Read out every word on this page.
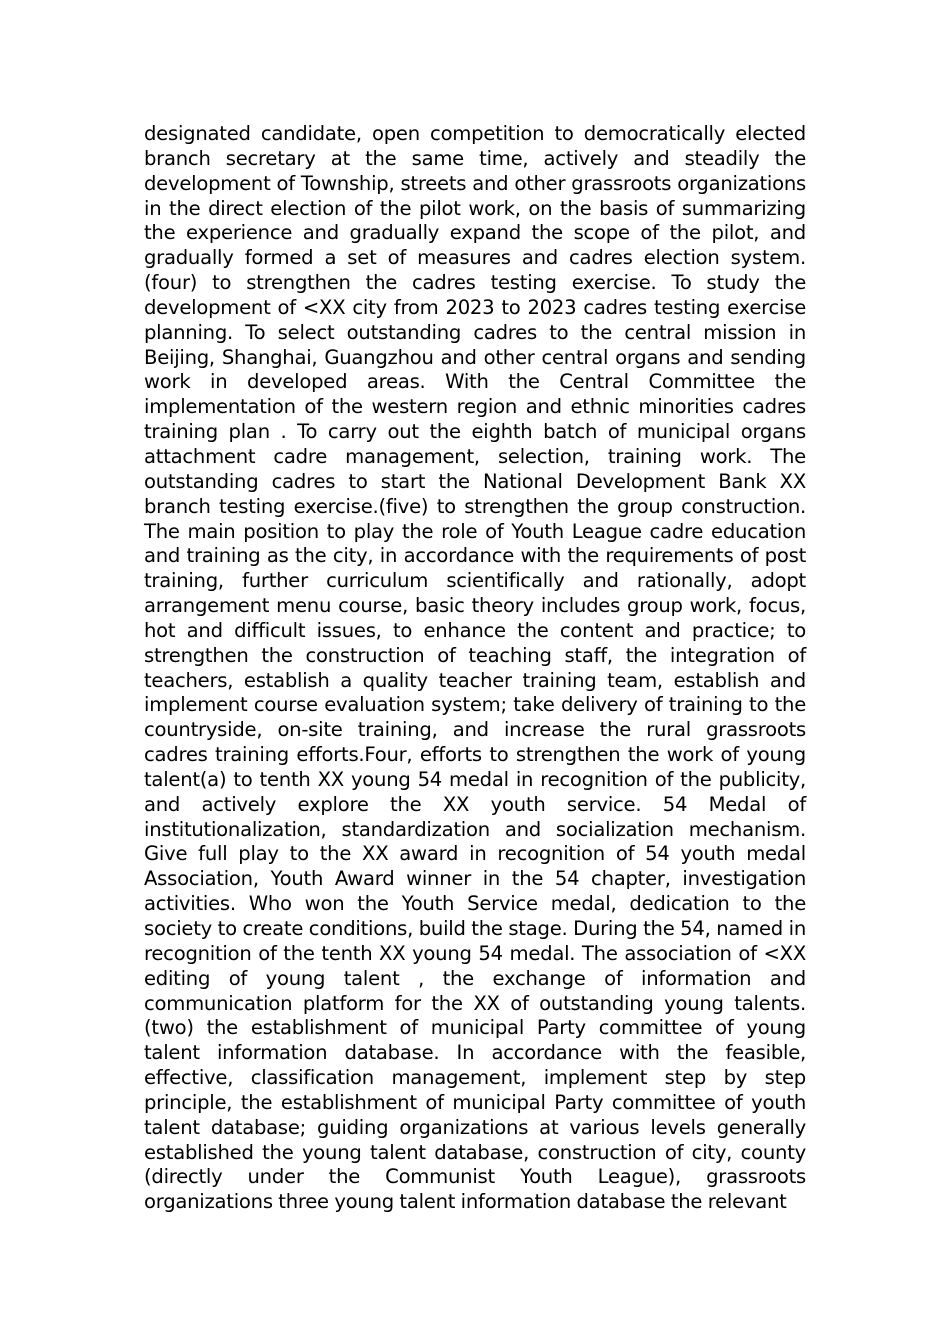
designated candidate, open competition to democratically elected branch secretary at the same time, actively and steadily the development of Township, streets and other grassroots organizations in the direct election of the pilot work, on the basis of summarizing the experience and gradually expand the scope of the pilot, and gradually formed a set of measures and cadres election system.(four) to strengthen the cadres testing exercise. To study the development of <XX city from 2023 to 2023 cadres testing exercise planning. To select outstanding cadres to the central mission in Beijing, Shanghai, Guangzhou and other central organs and sending work in developed areas. With the Central Committee the implementation of the western region and ethnic minorities cadres training plan . To carry out the eighth batch of municipal organs attachment cadre management, selection, training work. The outstanding cadres to start the National Development Bank XX branch testing exercise.(five) to strengthen the group construction. The main position to play the role of Youth League cadre education and training as the city, in accordance with the requirements of post training, further curriculum scientifically and rationally, adopt arrangement menu course, basic theory includes group work, focus, hot and difficult issues, to enhance the content and practice; to strengthen the construction of teaching staff, the integration of teachers, establish a quality teacher training team, establish and implement course evaluation system; take delivery of training to the countryside, on-site training, and increase the rural grassroots cadres training efforts.Four, efforts to strengthen the work of young talent(a) to tenth XX young 54 medal in recognition of the publicity, and actively explore the XX youth service. 54 Medal of institutionalization, standardization and socialization mechanism. Give full play to the XX award in recognition of 54 youth medal Association, Youth Award winner in the 54 chapter, investigation activities. Who won the Youth Service medal, dedication to the society to create conditions, build the stage. During the 54, named in recognition of the tenth XX young 54 medal. The association of <XX editing of young talent , the exchange of information and communication platform for the XX of outstanding young talents.(two) the establishment of municipal Party committee of young talent information database. In accordance with the feasible, effective, classification management, implement step by step principle, the establishment of municipal Party committee of youth talent database; guiding organizations at various levels generally established the young talent database, construction of city, county (directly under the Communist Youth League), grassroots organizations three young talent information database the relevant
